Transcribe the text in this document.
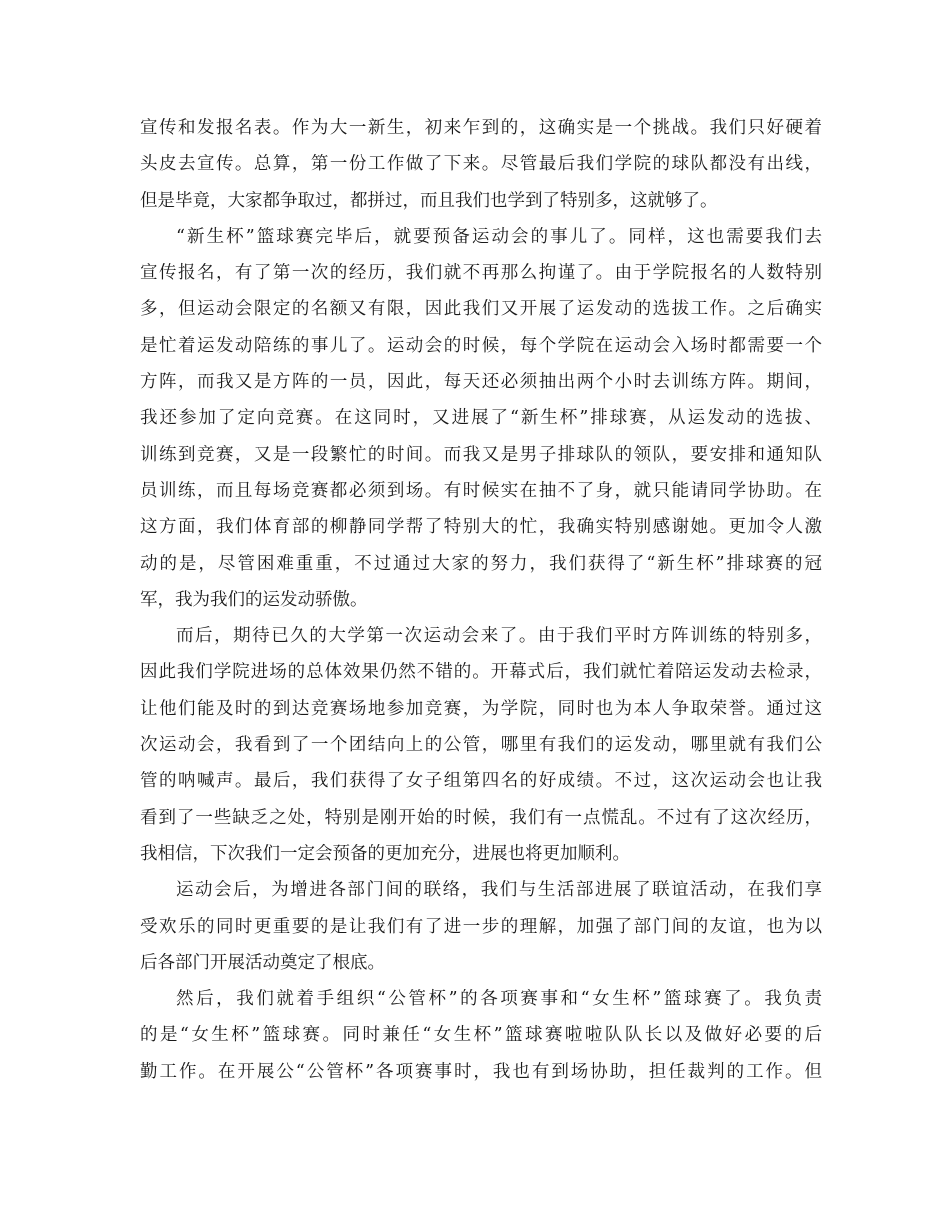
宣传和发报名表。作为大一新生，初来乍到的，这确实是一个挑战。我们只好硬着
头皮去宣传。总算，第一份工作做了下来。尽管最后我们学院的球队都没有出线，
但是毕竟，大家都争取过，都拼过，而且我们也学到了特别多，这就够了。
“新生杯”篮球赛完毕后，就要预备运动会的事儿了。同样，这也需要我们去
宣传报名，有了第一次的经历，我们就不再那么拘谨了。由于学院报名的人数特别
多，但运动会限定的名额又有限，因此我们又开展了运发动的选拔工作。之后确实
是忙着运发动陪练的事儿了。运动会的时候，每个学院在运动会入场时都需要一个
方阵，而我又是方阵的一员，因此，每天还必须抽出两个小时去训练方阵。期间，
我还参加了定向竞赛。在这同时，又进展了“新生杯”排球赛，从运发动的选拔、
训练到竞赛，又是一段繁忙的时间。而我又是男子排球队的领队，要安排和通知队
员训练，而且每场竞赛都必须到场。有时候实在抽不了身，就只能请同学协助。在
这方面，我们体育部的柳静同学帮了特别大的忙，我确实特别感谢她。更加令人激
动的是，尽管困难重重，不过通过大家的努力，我们获得了“新生杯”排球赛的冠
军，我为我们的运发动骄傲。
而后，期待已久的大学第一次运动会来了。由于我们平时方阵训练的特别多，
因此我们学院进场的总体效果仍然不错的。开幕式后，我们就忙着陪运发动去检录，
让他们能及时的到达竞赛场地参加竞赛，为学院，同时也为本人争取荣誉。通过这
次运动会，我看到了一个团结向上的公管，哪里有我们的运发动，哪里就有我们公
管的呐喊声。最后，我们获得了女子组第四名的好成绩。不过，这次运动会也让我
看到了一些缺乏之处，特别是刚开始的时候，我们有一点慌乱。不过有了这次经历，
我相信，下次我们一定会预备的更加充分，进展也将更加顺利。
运动会后，为增进各部门间的联络，我们与生活部进展了联谊活动，在我们享
受欢乐的同时更重要的是让我们有了进一步的理解，加强了部门间的友谊，也为以
后各部门开展活动奠定了根底。
然后，我们就着手组织“公管杯”的各项赛事和“女生杯”篮球赛了。我负责
的是“女生杯”篮球赛。同时兼任“女生杯”篮球赛啦啦队队长以及做好必要的后
勤工作。在开展公“公管杯”各项赛事时，我也有到场协助，担任裁判的工作。但
